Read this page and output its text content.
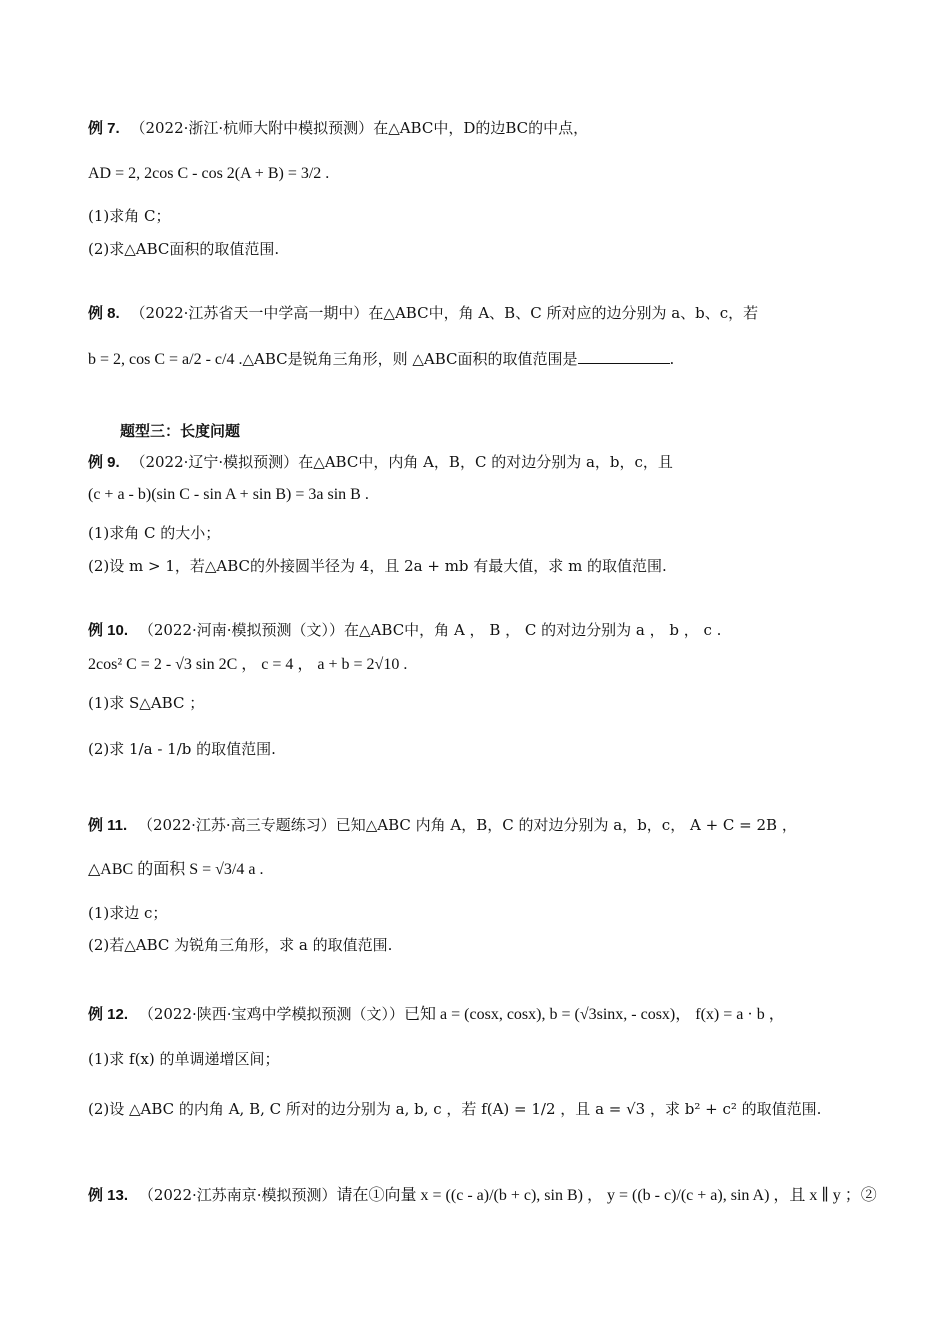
例 7. （2022·浙江·杭师大附中模拟预测）在△ABC中，D的边BC的中点，
AD = 2, 2cos C - cos 2(A + B) = 3/2 .
(1)求角 C；
(2)求△ABC面积的取值范围.
例 8. （2022·江苏省天一中学高一期中）在△ABC中，角 A、B、C 所对应的边分别为 a、b、c，若
b = 2, cos C = a/2 - c/4 .△ABC是锐角三角形，则 △ABC面积的取值范围是	.
题型三：长度问题
例 9. （2022·辽宁·模拟预测）在△ABC中，内角 A，B，C 的对边分别为 a，b，c，且
(c + a - b)(sin C - sin A + sin B) = 3a sin B .
(1)求角 C 的大小；
(2)设 m > 1，若△ABC的外接圆半径为 4，且 2a + mb 有最大值，求 m 的取值范围.
例 10. （2022·河南·模拟预测（文））在△ABC中，角 A ， B ， C 的对边分别为 a ， b ， c .
2cos² C = 2 - √3 sin 2C ， c = 4 ， a + b = 2√10 .
(1)求 S△ABC ；
(2)求 1/a - 1/b 的取值范围.
例 11. （2022·江苏·高三专题练习）已知△ABC 内角 A，B，C 的对边分别为 a，b，c， A + C = 2B ，
△ABC 的面积 S = √3/4 a .
(1)求边 c；
(2)若△ABC 为锐角三角形，求 a 的取值范围.
例 12. （2022·陕西·宝鸡中学模拟预测（文））已知 a = (cosx, cosx), b = (√3sinx, - cosx)， f(x) = a · b ，
(1)求 f(x) 的单调递增区间；
(2)设 △ABC 的内角 A, B, C 所对的边分别为 a, b, c ，若 f(A) = 1/2 ，且 a = √3 ，求 b² + c² 的取值范围.
例 13. （2022·江苏南京·模拟预测）请在①向量 x = ((c - a)/(b + c), sin B) ， y = ((b - c)/(c + a), sin A) ，且 x ∥ y ；②
